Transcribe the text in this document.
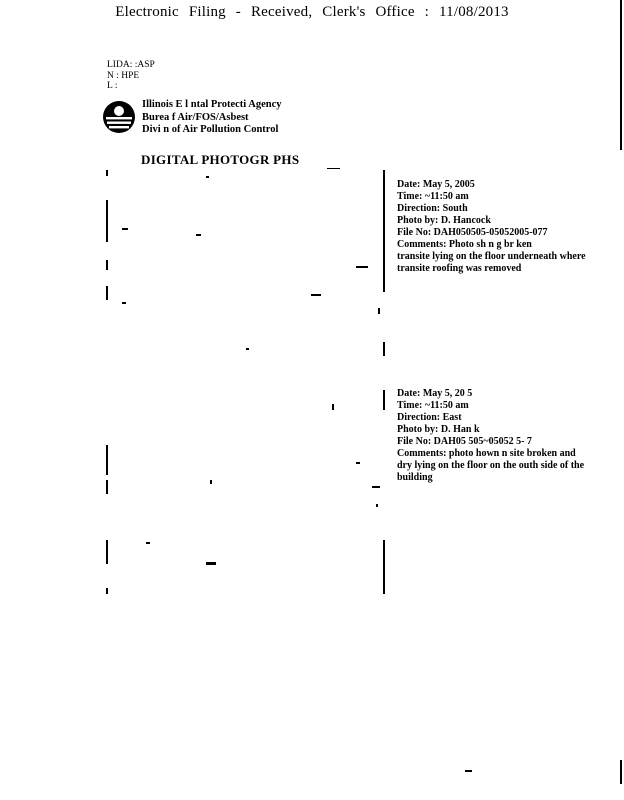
Electronic Filing - Received, Clerk's Office : 11/08/2013
LIDA: :ASP
N : HPE
L :
Illinois E l ntal Protecti Agency
Burea f Air/FOS/Asbest
Divi n of Air Pollution Control
DIGITAL PHOTOGR PHS
Date: May 5, 2005
Time: ~11:50 am
Direction: South
Photo by: D. Hancock
File No: DAH050505-05052005-077
Comments: Photo sh n g br ken
transite lying on the floor underneath where
transite roofing was removed
Date: May 5, 20 5
Time: ~11:50 am
Direction: East
Photo by: D. Han k
File No: DAH05 505~05052 5- 7
Comments: photo hown n site broken and
dry lying on the floor on the outh side of the
building
